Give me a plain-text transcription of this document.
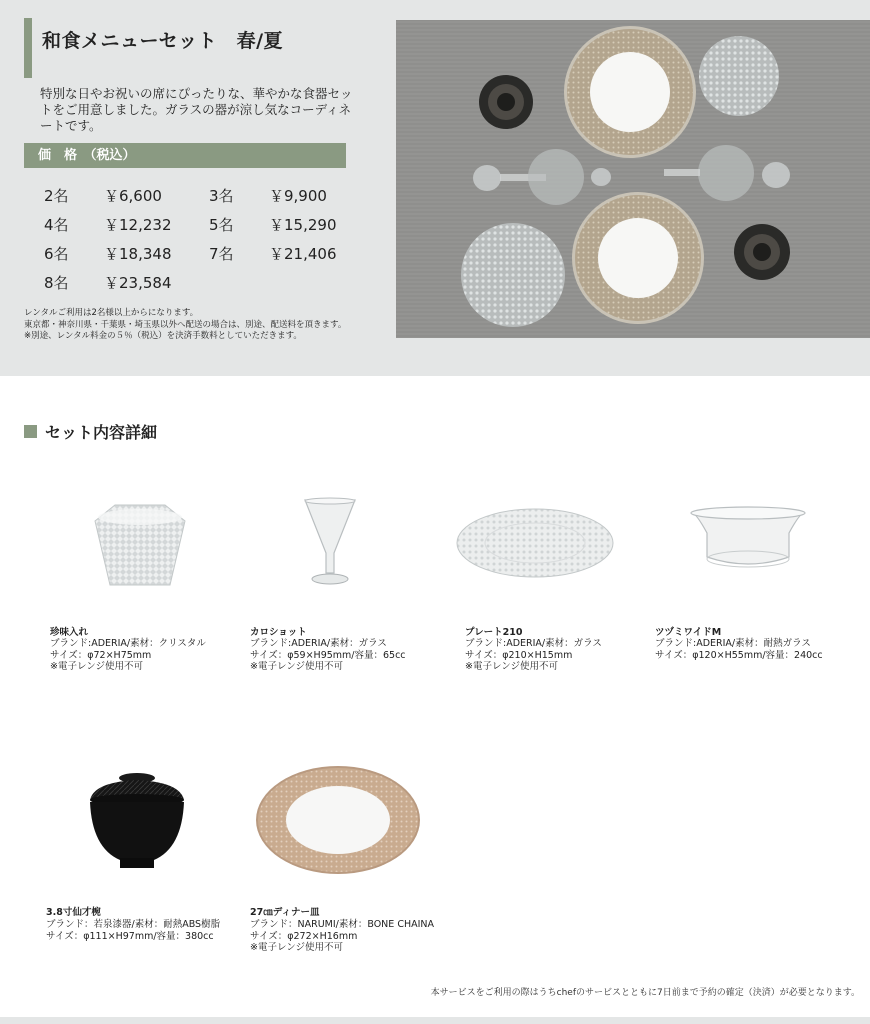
和食メニューセット　春/夏
特別な日やお祝いの席にぴったりな、華やかな食器セットをご用意しました。ガラスの器が涼し気なコーディネートです。
価　格　（税込）
2名 ￥6,600	3名 ￥9,900
4名 ￥12,232	5名 ￥15,290
6名 ￥18,348	7名 ￥21,406
8名 ￥23,584
レンタルご利用は2名様以上からになります。
東京都・神奈川県・千葉県・埼玉県以外へ配送の場合は、別途、配送料を頂きます。
※別途、レンタル料金の５％（税込）を決済手数料としていただきます。
セット内容詳細
珍味入れ
ブランド:ADERIA/素材：クリスタル
サイズ：φ72×H75mm
※電子レンジ使用不可
カロショット
ブランド:ADERIA/素材：ガラス
サイズ：φ59×H95mm/容量：65cc
※電子レンジ使用不可
プレート210
ブランド:ADERIA/素材：ガラス
サイズ：φ210×H15mm
※電子レンジ使用不可
ツヅミワイドM
ブランド:ADERIA/素材：耐熱ガラス
サイズ：φ120×H55mm/容量：240cc
3.8寸仙才椀
ブランド：若泉漆器/素材：耐熱ABS樹脂
サイズ：φ111×H97mm/容量：380cc
27㎝ディナー皿
ブランド：NARUMI/素材：BONE CHAINA
サイズ：φ272×H16mm
※電子レンジ使用不可
本サービスをご利用の際はうちchefのサービスとともに7日前まで予約の確定（決済）が必要となります。
